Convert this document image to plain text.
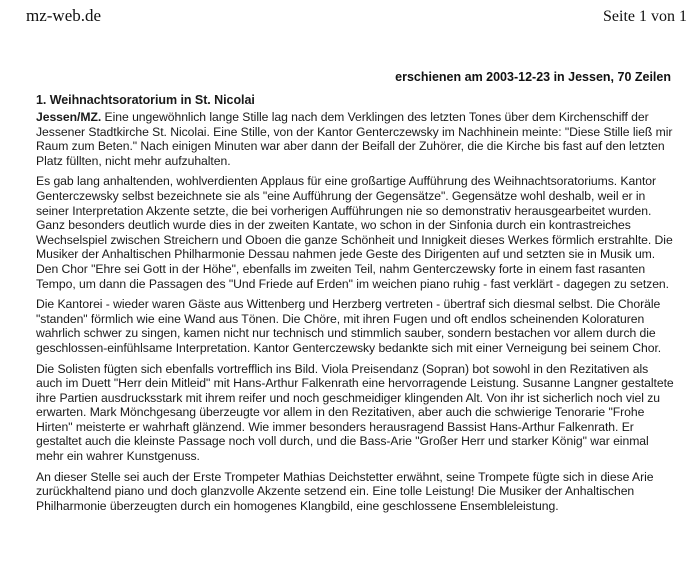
mz-web.de	Seite 1 von 1
erschienen am 2003-12-23 in Jessen, 70 Zeilen
1. Weihnachtsoratorium in St. Nicolai

Jessen/MZ. Eine ungewöhnlich lange Stille lag nach dem Verklingen des letzten Tones über dem Kirchenschiff der Jessener Stadtkirche St. Nicolai. Eine Stille, von der Kantor Genterczewsky im Nachhinein meinte: "Diese Stille ließ mir Raum zum Beten." Nach einigen Minuten war aber dann der Beifall der Zuhörer, die die Kirche bis fast auf den letzten Platz füllten, nicht mehr aufzuhalten.

Es gab lang anhaltenden, wohlverdienten Applaus für eine großartige Aufführung des Weihnachtsoratoriums. Kantor Genterczewsky selbst bezeichnete sie als "eine Aufführung der Gegensätze". Gegensätze wohl deshalb, weil er in seiner Interpretation Akzente setzte, die bei vorherigen Aufführungen nie so demonstrativ herausgearbeitet wurden. Ganz besonders deutlich wurde dies in der zweiten Kantate, wo schon in der Sinfonia durch ein kontrastreiches Wechselspiel zwischen Streichern und Oboen die ganze Schönheit und Innigkeit dieses Werkes förmlich erstrahlte. Die Musiker der Anhaltischen Philharmonie Dessau nahmen jede Geste des Dirigenten auf und setzten sie in Musik um. Den Chor "Ehre sei Gott in der Höhe", ebenfalls im zweiten Teil, nahm Genterczewsky forte in einem fast rasanten Tempo, um dann die Passagen des "Und Friede auf Erden" im weichen piano ruhig - fast verklärt - dagegen zu setzen.

Die Kantorei - wieder waren Gäste aus Wittenberg und Herzberg vertreten - übertraf sich diesmal selbst. Die Choräle "standen" förmlich wie eine Wand aus Tönen. Die Chöre, mit ihren Fugen und oft endlos scheinenden Koloraturen wahrlich schwer zu singen, kamen nicht nur technisch und stimmlich sauber, sondern bestachen vor allem durch die geschlossen-einfühlsame Interpretation. Kantor Genterczewsky bedankte sich mit einer Verneigung bei seinem Chor.

Die Solisten fügten sich ebenfalls vortrefflich ins Bild. Viola Preisendanz (Sopran) bot sowohl in den Rezitativen als auch im Duett "Herr dein Mitleid" mit Hans-Arthur Falkenrath eine hervorragende Leistung. Susanne Langner gestaltete ihre Partien ausdrucksstark mit ihrem reifer und noch geschmeidiger klingenden Alt. Von ihr ist sicherlich noch viel zu erwarten. Mark Mönchgesang überzeugte vor allem in den Rezitativen, aber auch die schwierige Tenorarie "Frohe Hirten" meisterte er wahrhaft glänzend. Wie immer besonders herausragend Bassist Hans-Arthur Falkenrath. Er gestaltet auch die kleinste Passage noch voll durch, und die Bass-Arie "Großer Herr und starker König" war einmal mehr ein wahrer Kunstgenuss.

An dieser Stelle sei auch der Erste Trompeter Mathias Deichstetter erwähnt, seine Trompete fügte sich in diese Arie zurückhaltend piano und doch glanzvolle Akzente setzend ein. Eine tolle Leistung! Die Musiker der Anhaltischen Philharmonie überzeugten durch ein homogenes Klangbild, eine geschlossene Ensembleleistung.
